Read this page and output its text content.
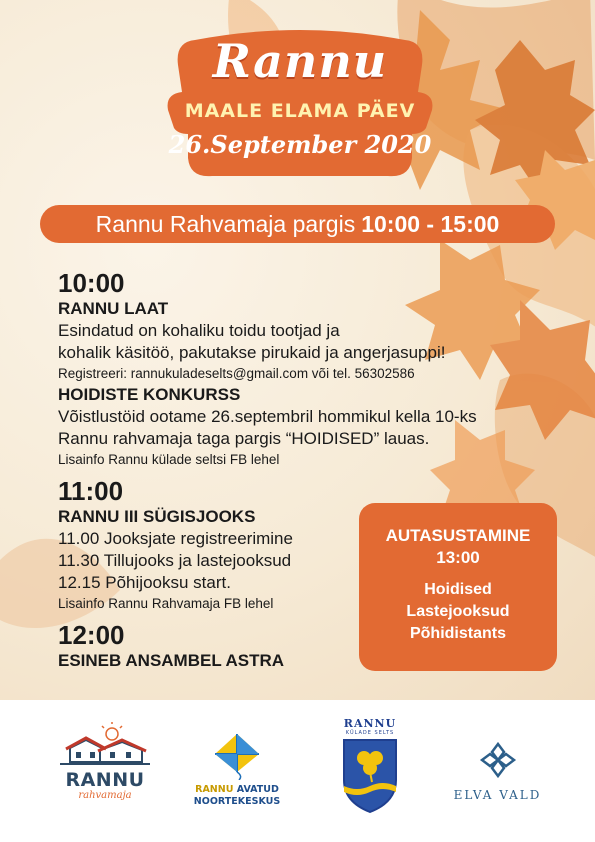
Rannu
MAALE ELAMA PÄEV
26.September 2020
Rannu Rahvamaja pargis 10:00 - 15:00

10:00

RANNU LAAT

Esindatud on kohaliku toidu tootjad ja

kohalik käsitöö, pakutakse pirukaid ja angerjasuppi!

Registreeri: rannukuladeselts@gmail.com või tel. 56302586

HOIDISTE KONKURSS

Võistlustöid ootame 26.septembril hommikul kella 10-ks

Rannu rahvamaja taga pargis “HOIDISED” lauas.

Lisainfo Rannu külade seltsi FB lehel

11:00

RANNU III SÜGISJOOKS

11.00 Jooksjate registreerimine

11.30 Tillujooks ja lastejooksud

12.15 Põhijooksu start.

Lisainfo Rannu Rahvamaja FB lehel

12:00

ESINEB ANSAMBEL ASTRA

AUTASUSTAMINE
13:00
Hoidised
Lastejooksud
Põhidistants
RANNU
rahvamaja
RANNU AVATUD
NOORTEKESKUS
RANNU
KÜLADE SELTS
ELVA VALD
